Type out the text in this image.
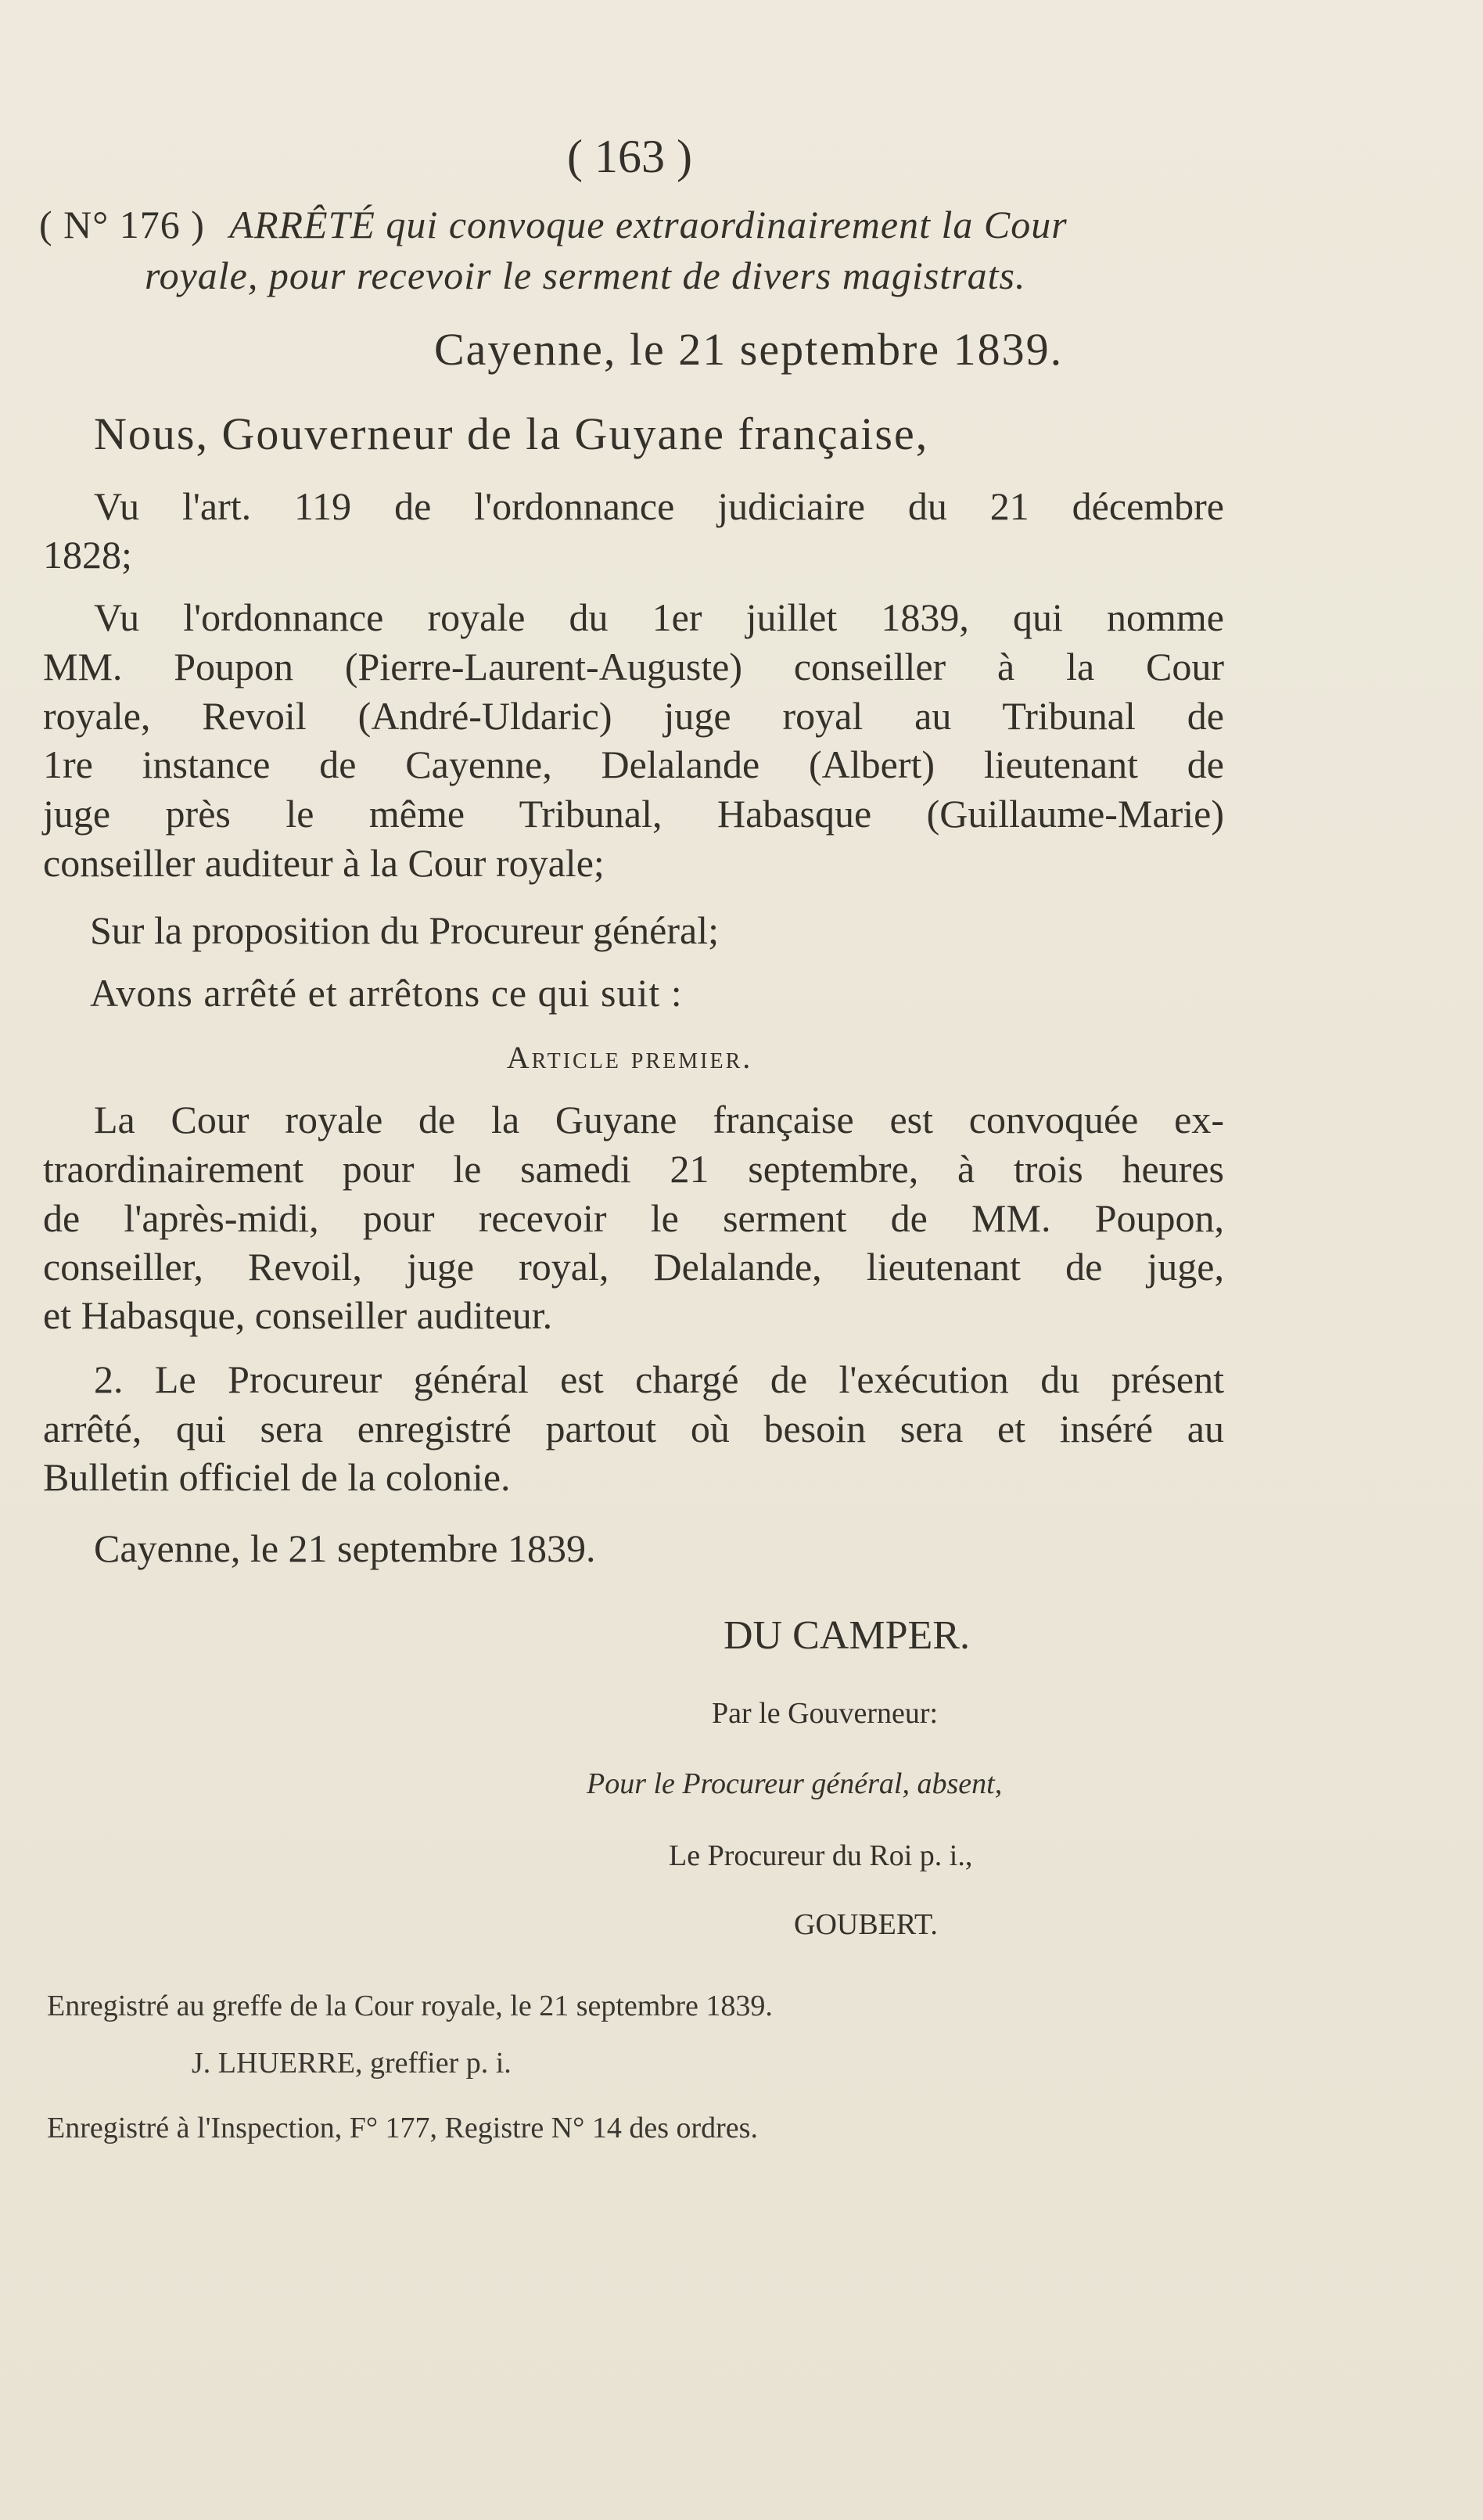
( 163 )
( N° 176 ) ARRÊTÉ qui convoque extraordinairement la Cour
royale, pour recevoir le serment de divers magistrats.
Cayenne, le 21 septembre 1839.
Nous, Gouverneur de la Guyane française,
Vu l'art. 119 de l'ordonnance judiciaire du 21 décembre
1828;
Vu l'ordonnance royale du 1er juillet 1839, qui nomme
MM. Poupon (Pierre-Laurent-Auguste) conseiller à la Cour
royale, Revoil (André-Uldaric) juge royal au Tribunal de
1re instance de Cayenne, Delalande (Albert) lieutenant de
juge près le même Tribunal, Habasque (Guillaume-Marie)
conseiller auditeur à la Cour royale;
Sur la proposition du Procureur général;
Avons arrêté et arrêtons ce qui suit :
Article premier.
La Cour royale de la Guyane française est convoquée ex-
traordinairement pour le samedi 21 septembre, à trois heures
de l'après-midi, pour recevoir le serment de MM. Poupon,
conseiller, Revoil, juge royal, Delalande, lieutenant de juge,
et Habasque, conseiller auditeur.
2. Le Procureur général est chargé de l'exécution du présent
arrêté, qui sera enregistré partout où besoin sera et inséré au
Bulletin officiel de la colonie.
Cayenne, le 21 septembre 1839.
DU CAMPER.
Par le Gouverneur:
Pour le Procureur général, absent,
Le Procureur du Roi p. i.,
GOUBERT.
Enregistré au greffe de la Cour royale, le 21 septembre 1839.
J. LHUERRE, greffier p. i.
Enregistré à l'Inspection, F° 177, Registre N° 14 des ordres.
